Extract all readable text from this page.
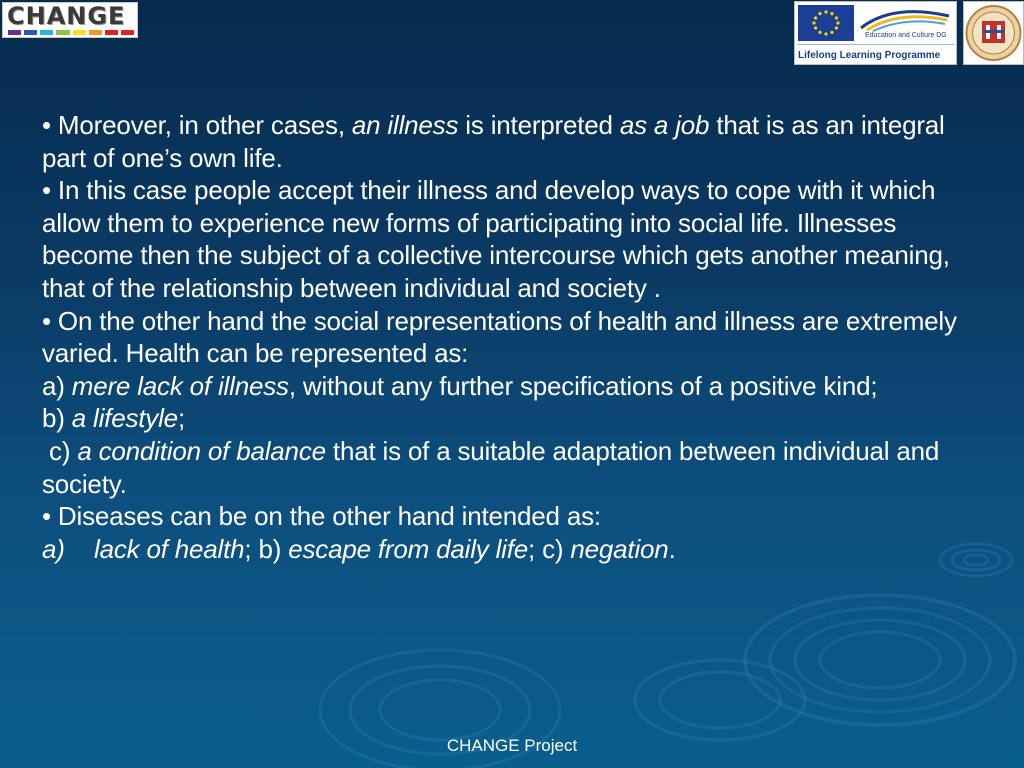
CHANGE
Education and Culture DG
Lifelong Learning Programme

• Moreover, in other cases, an illness is interpreted as a job that is as an integral part of one’s own life.

• In this case people accept their illness and develop ways to cope with it which allow them to experience new forms of participating into social life. Illnesses become then the subject of a collective intercourse which gets another meaning, that of the relationship between individual and society .

• On the other hand the social representations of health and illness are extremely varied. Health can be represented as:

a) mere lack of illness, without any further specifications of a positive kind;

b) a lifestyle;

c) a condition of balance that is of a suitable adaptation between individual and society.

• Diseases can be on the other hand intended as:

a) lack of health; b) escape from daily life; c) negation.

CHANGE Project
